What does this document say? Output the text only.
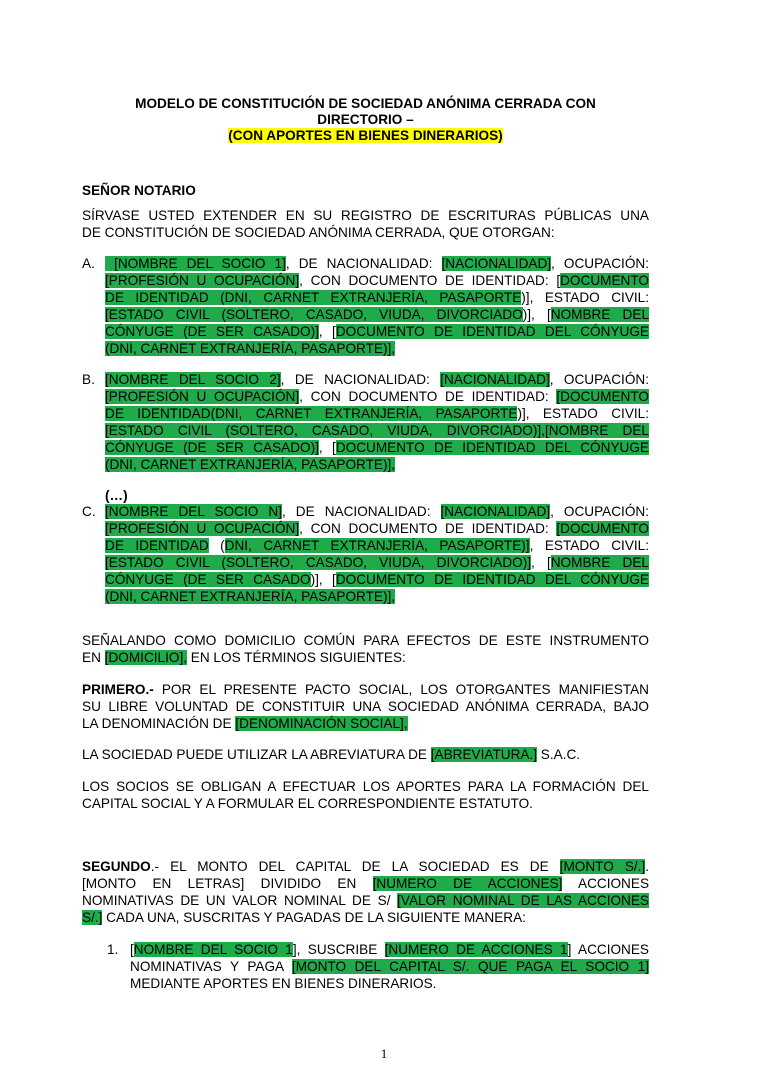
MODELO DE CONSTITUCIÓN DE SOCIEDAD ANÓNIMA CERRADA CON
DIRECTORIO –
(CON APORTES EN BIENES DINERARIOS)
SEÑOR NOTARIO
SÍRVASE USTED EXTENDER EN SU REGISTRO DE ESCRITURAS PÚBLICAS UNA
DE CONSTITUCIÓN DE SOCIEDAD ANÓNIMA CERRADA, QUE OTORGAN:
A. [NOMBRE DEL SOCIO 1], DE NACIONALIDAD: [NACIONALIDAD], OCUPACIÓN:
[PROFESIÓN U OCUPACIÓN], CON DOCUMENTO DE IDENTIDAD: [DOCUMENTO
DE IDENTIDAD (DNI, CARNET EXTRANJERÍA, PASAPORTE)], ESTADO CIVIL:
[ESTADO CIVIL (SOLTERO, CASADO, VIUDA, DIVORCIADO)], [NOMBRE DEL
CÓNYUGE (DE SER CASADO)], [DOCUMENTO DE IDENTIDAD DEL CÓNYUGE
(DNI, CARNET EXTRANJERÍA, PASAPORTE)],
B. [NOMBRE DEL SOCIO 2], DE NACIONALIDAD: [NACIONALIDAD], OCUPACIÓN:
[PROFESIÓN U OCUPACIÓN], CON DOCUMENTO DE IDENTIDAD: [DOCUMENTO
DE IDENTIDAD(DNI, CARNET EXTRANJERÍA, PASAPORTE)], ESTADO CIVIL:
[ESTADO CIVIL (SOLTERO, CASADO, VIUDA, DIVORCIADO)],[NOMBRE DEL
CÓNYUGE (DE SER CASADO)], [DOCUMENTO DE IDENTIDAD DEL CÓNYUGE
(DNI, CARNET EXTRANJERÍA, PASAPORTE)],
(…)
C. [NOMBRE DEL SOCIO N], DE NACIONALIDAD: [NACIONALIDAD], OCUPACIÓN:
[PROFESIÓN U OCUPACIÓN], CON DOCUMENTO DE IDENTIDAD: [DOCUMENTO
DE IDENTIDAD (DNI, CARNET EXTRANJERÍA, PASAPORTE)], ESTADO CIVIL:
[ESTADO CIVIL (SOLTERO, CASADO, VIUDA, DIVORCIADO)], [NOMBRE DEL
CÓNYUGE (DE SER CASADO)], [DOCUMENTO DE IDENTIDAD DEL CÓNYUGE
(DNI, CARNET EXTRANJERÍA, PASAPORTE)],
SEÑALANDO COMO DOMICILIO COMÚN PARA EFECTOS DE ESTE INSTRUMENTO
EN [DOMICILIO], EN LOS TÉRMINOS SIGUIENTES:
PRIMERO.- POR EL PRESENTE PACTO SOCIAL, LOS OTORGANTES MANIFIESTAN
SU LIBRE VOLUNTAD DE CONSTITUIR UNA SOCIEDAD ANÓNIMA CERRADA, BAJO
LA DENOMINACIÓN DE [DENOMINACIÓN SOCIAL],
LA SOCIEDAD PUEDE UTILIZAR LA ABREVIATURA DE [ABREVIATURA.] S.A.C.
LOS SOCIOS SE OBLIGAN A EFECTUAR LOS APORTES PARA LA FORMACIÓN DEL
CAPITAL SOCIAL Y A FORMULAR EL CORRESPONDIENTE ESTATUTO.
SEGUNDO.- EL MONTO DEL CAPITAL DE LA SOCIEDAD ES DE [MONTO S/.].
[MONTO EN LETRAS] DIVIDIDO EN [NUMERO DE ACCIONES] ACCIONES
NOMINATIVAS DE UN VALOR NOMINAL DE S/ [VALOR NOMINAL DE LAS ACCIONES
S/.] CADA UNA, SUSCRITAS Y PAGADAS DE LA SIGUIENTE MANERA:
1. [NOMBRE DEL SOCIO 1], SUSCRIBE [NUMERO DE ACCIONES 1] ACCIONES
NOMINATIVAS Y PAGA [MONTO DEL CAPITAL S/. QUE PAGA EL SOCIO 1]
MEDIANTE APORTES EN BIENES DINERARIOS.
1
